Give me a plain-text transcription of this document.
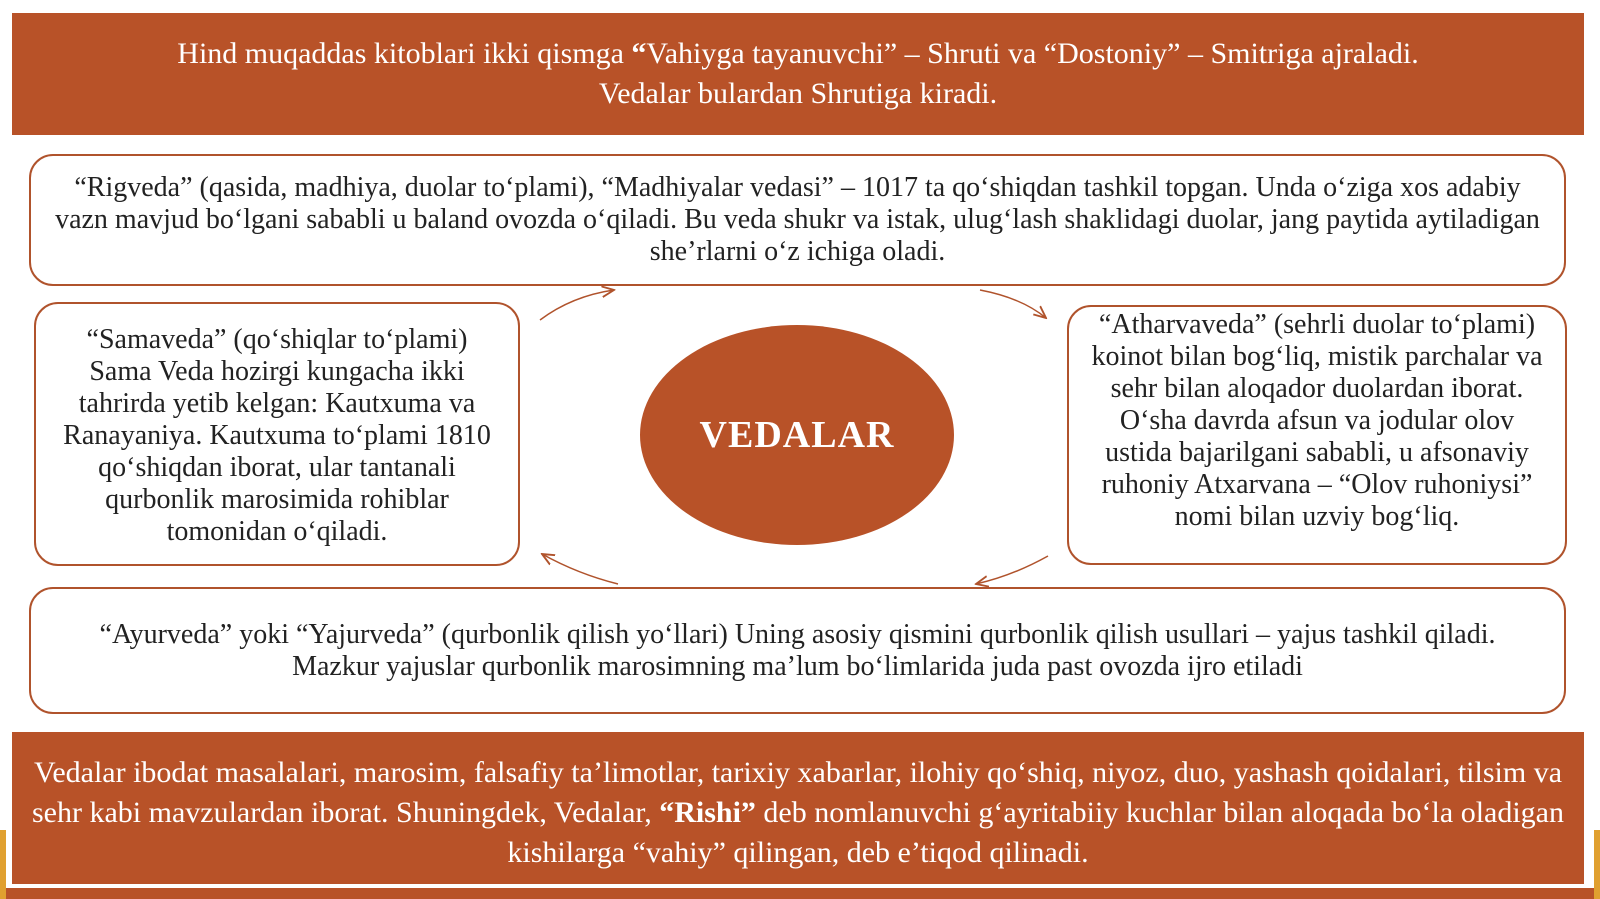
Hind muqaddas kitoblari ikki qismga “Vahiyga tayanuvchi” – Shruti va “Dostoniy” – Smitriga ajraladi.

Vedalar bulardan Shrutiga kiradi.

“Rigveda” (qasida, madhiya, duolar to‘plami), “Madhiyalar vedasi” – 1017 ta qo‘shiqdan tashkil topgan. Unda o‘ziga xos adabiy vazn mavjud bo‘lgani sababli u baland ovozda o‘qiladi. Bu veda shukr va istak, ulug‘lash shaklidagi duolar, jang paytida aytiladigan she’rlarni o‘z ichiga oladi.
“Samaveda” (qo‘shiqlar to‘plami) Sama Veda hozirgi kungacha ikki tahrirda yetib kelgan: Kautxuma va Ranayaniya. Kautxuma to‘plami 1810 qo‘shiqdan iborat, ular tantanali qurbonlik marosimida rohiblar tomonidan o‘qiladi.
VEDALAR
“Atharvaveda” (sehrli duolar to‘plami) koinot bilan bog‘liq, mistik parchalar va sehr bilan aloqador duolardan iborat. O‘sha davrda afsun va jodular olov ustida bajarilgani sababli, u afsonaviy ruhoniy Atxarvana – “Olov ruhoniysi” nomi bilan uzviy bog‘liq.
“Ayurveda” yoki “Yajurveda” (qurbonlik qilish yo‘llari) Uning asosiy qismini qurbonlik qilish usullari – yajus tashkil qiladi.
Mazkur yajuslar qurbonlik marosimning ma’lum bo‘limlarida juda past ovozda ijro etiladi

Vedalar ibodat masalalari, marosim, falsafiy ta’limotlar, tarixiy xabarlar, ilohiy qo‘shiq, niyoz, duo, yashash qoidalari, tilsim va sehr kabi mavzulardan iborat. Shuningdek, Vedalar, “Rishi” deb nomlanuvchi g‘ayritabiiy kuchlar bilan aloqada bo‘la oladigan kishilarga “vahiy” qilingan, deb e’tiqod qilinadi.
